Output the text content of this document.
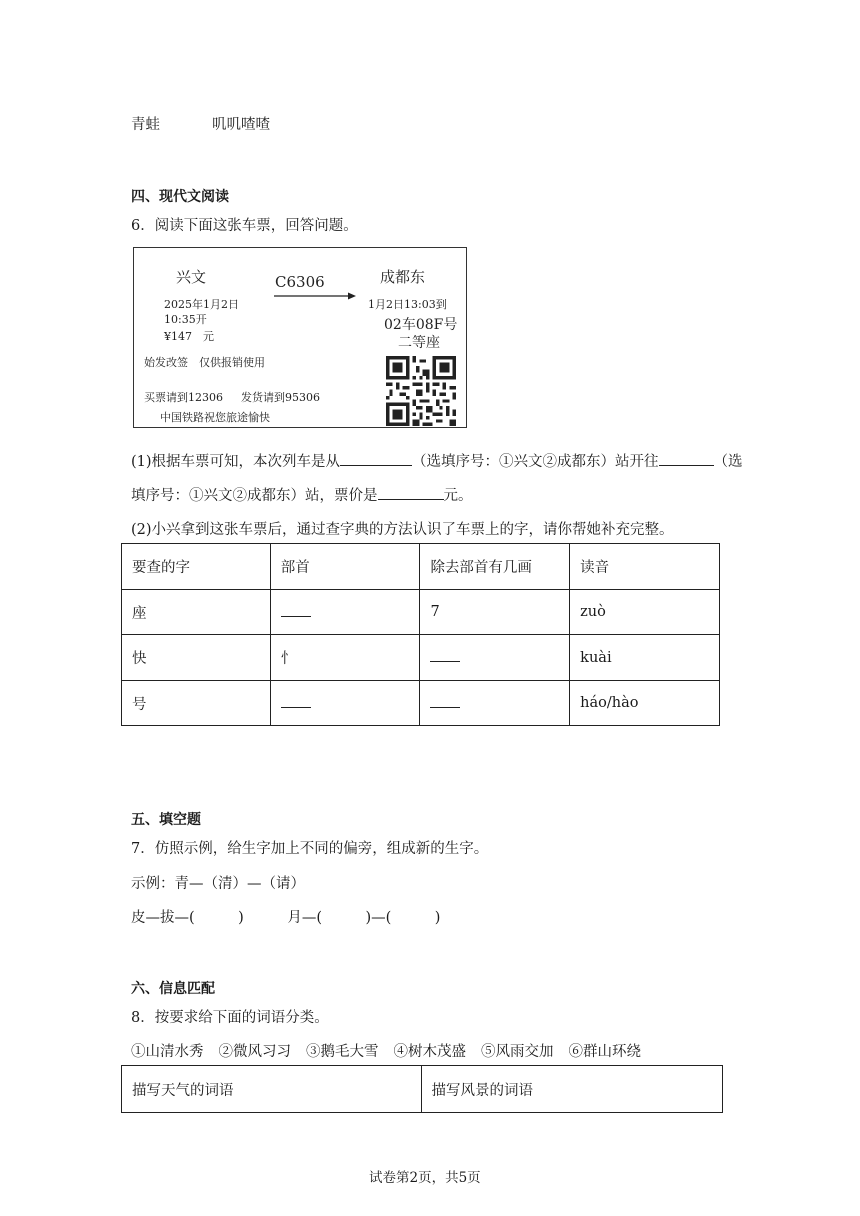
青蛙	叽叽喳喳
四、现代文阅读
6．阅读下面这张车票，回答问题。
兴文	C6306	成都东
2025年1月2日
10:35开
¥147　元
1月2日13:03到
02车08F号
二等座
始发改签　仅供报销使用
买票请到12306 发货请到95306
中国铁路祝您旅途愉快
(1)根据车票可知，本次列车是从	（选填序号：①兴文②成都东）站开往	（选
填序号：①兴文②成都东）站，票价是	元。
(2)小兴拿到这张车票后，通过查字典的方法认识了车票上的字，请你帮她补充完整。
要查的字	部首	除去部首有几画	读音
座		7	zuò
快	忄		kuài
号			háo/hào
五、填空题
7．仿照示例，给生字加上不同的偏旁，组成新的生字。
示例：青—（清）—（请）
皮—拔—(　　　)　　　月—(　　　)—(　　　)
六、信息匹配
8．按要求给下面的词语分类。
①山清水秀 ②微风习习 ③鹅毛大雪 ④树木茂盛 ⑤风雨交加 ⑥群山环绕
描写天气的词语	描写风景的词语
试卷第2页，共5页
